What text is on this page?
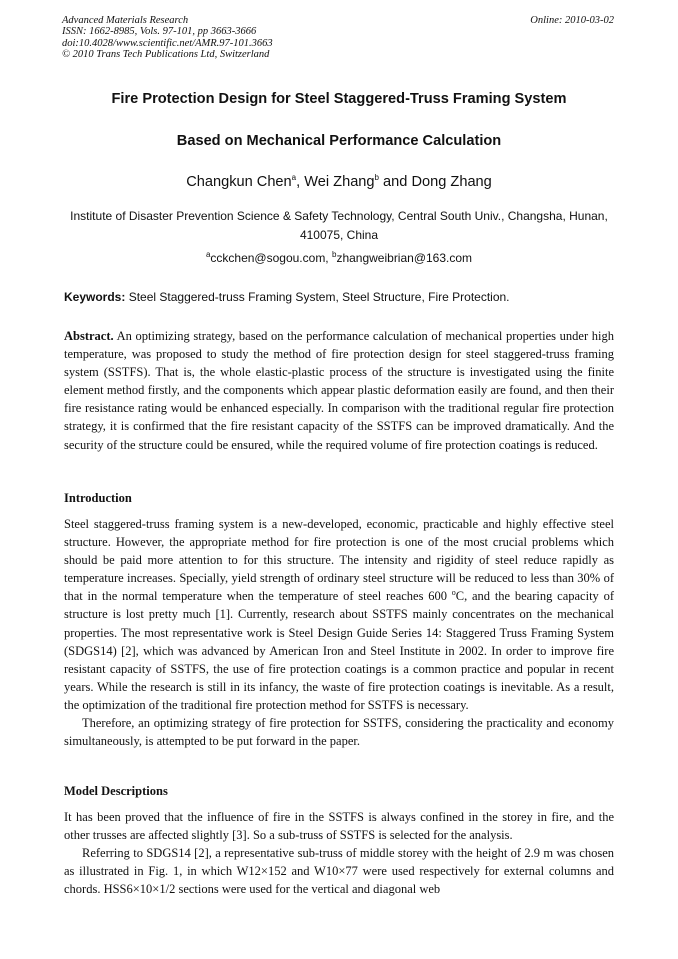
Advanced Materials Research
ISSN: 1662-8985, Vols. 97-101, pp 3663-3666
doi:10.4028/www.scientific.net/AMR.97-101.3663
© 2010 Trans Tech Publications Ltd, Switzerland
Online: 2010-03-02
Fire Protection Design for Steel Staggered-Truss Framing System
Based on Mechanical Performance Calculation
Changkun Chen$^a$, Wei Zhang$^b$ and Dong Zhang
Institute of Disaster Prevention Science & Safety Technology, Central South Univ., Changsha, Hunan, 410075, China
$^a$cckchen@sogou.com, $^b$zhangweibrian@163.com
Keywords: Steel Staggered-truss Framing System, Steel Structure, Fire Protection.
Abstract. An optimizing strategy, based on the performance calculation of mechanical properties under high temperature, was proposed to study the method of fire protection design for steel staggered-truss framing system (SSTFS). That is, the whole elastic-plastic process of the structure is investigated using the finite element method firstly, and the components which appear plastic deformation easily are found, and then their fire resistance rating would be enhanced especially. In comparison with the traditional regular fire protection strategy, it is confirmed that the fire resistant capacity of the SSTFS can be improved dramatically. And the security of the structure could be ensured, while the required volume of fire protection coatings is reduced.
Introduction

Steel staggered-truss framing system is a new-developed, economic, practicable and highly effective steel structure. However, the appropriate method for fire protection is one of the most crucial problems which should be paid more attention to for this structure. The intensity and rigidity of steel reduce rapidly as temperature increases. Specially, yield strength of ordinary steel structure will be reduced to less than 30% of that in the normal temperature when the temperature of steel reaches 600 $^o$C, and the bearing capacity of structure is lost pretty much [1]. Currently, research about SSTFS mainly concentrates on the mechanical properties. The most representative work is Steel Design Guide Series 14: Staggered Truss Framing System (SDGS14) [2], which was advanced by American Iron and Steel Institute in 2002. In order to improve fire resistant capacity of SSTFS, the use of fire protection coatings is a common practice and popular in recent years. While the research is still in its infancy, the waste of fire protection coatings is inevitable. As a result, the optimization of the traditional fire protection method for SSTFS is necessary.

Therefore, an optimizing strategy of fire protection for SSTFS, considering the practicality and economy simultaneously, is attempted to be put forward in the paper.

Model Descriptions

It has been proved that the influence of fire in the SSTFS is always confined in the storey in fire, and the other trusses are affected slightly [3]. So a sub-truss of SSTFS is selected for the analysis.

Referring to SDGS14 [2], a representative sub-truss of middle storey with the height of 2.9 m was chosen as illustrated in Fig. 1, in which W12×152 and W10×77 were used respectively for external columns and chords. HSS6×10×1/2 sections were used for the vertical and diagonal web
